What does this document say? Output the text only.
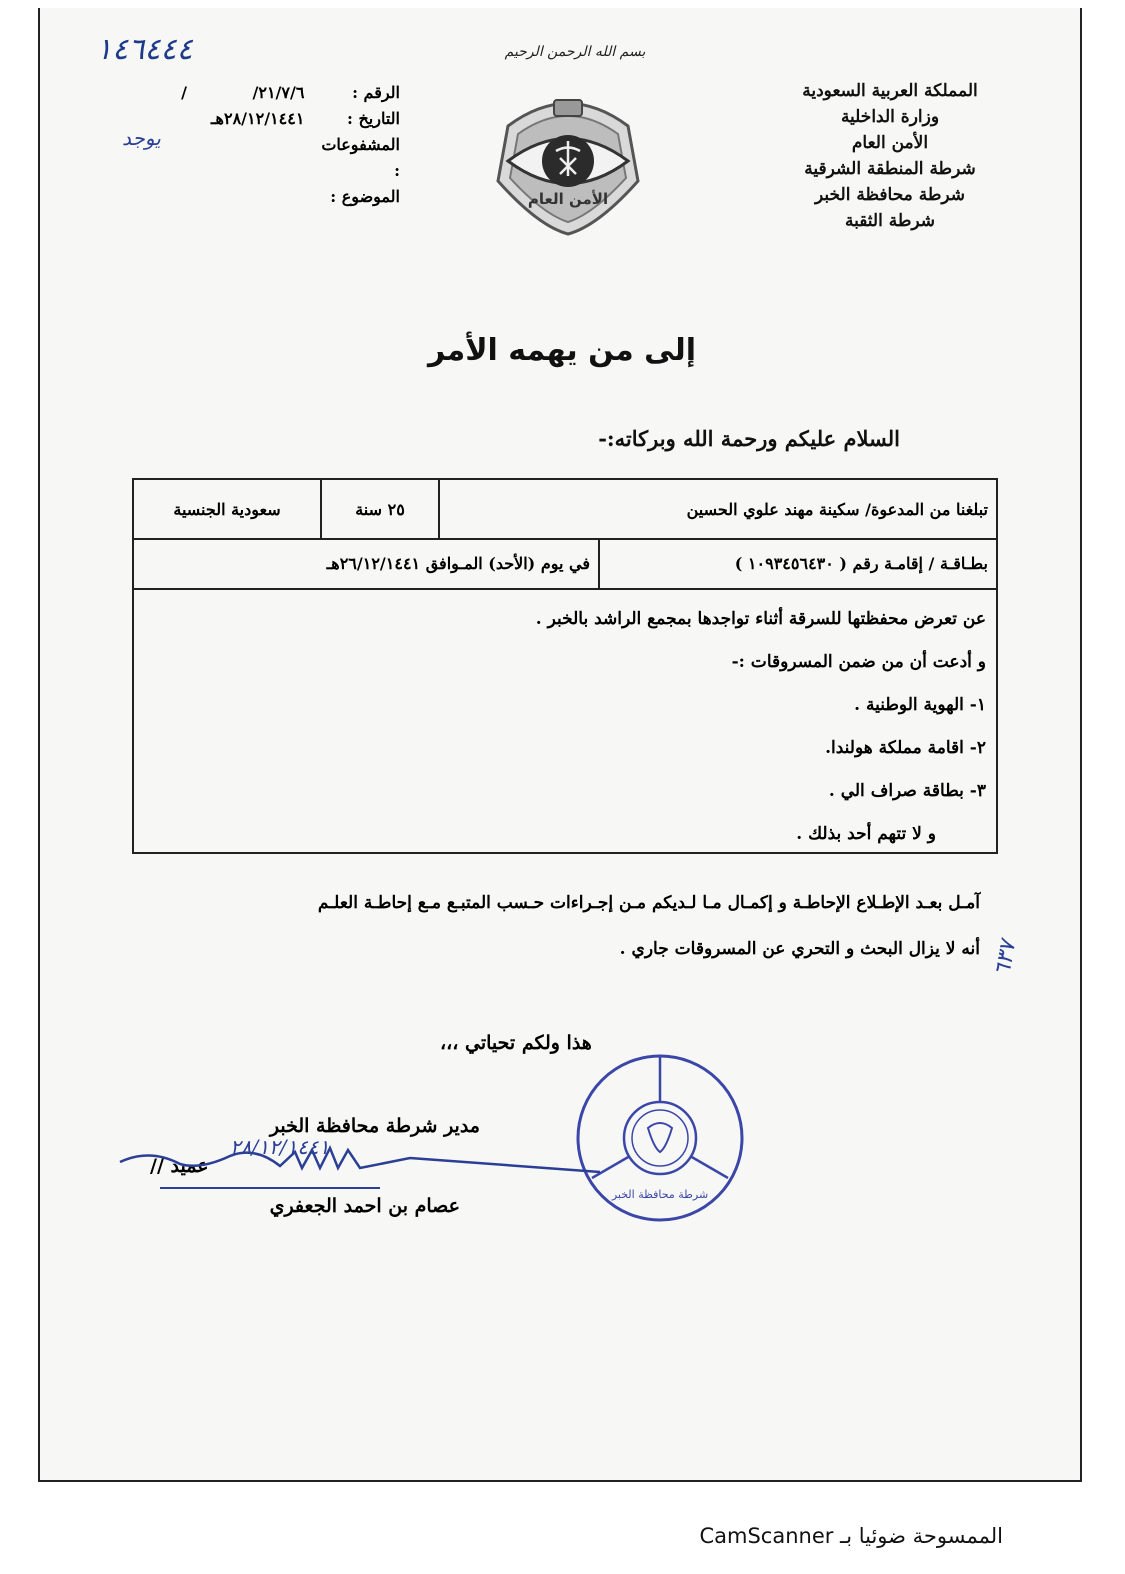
١٤٦٤٤٤
الرقم : ٢١/٧/٦/ /
التاريخ : ٢٨/١٢/١٤٤١هـ
المشفوعات :
الموضوع :
يوجد
بسم الله الرحمن الرحيم
الأمن العام
المملكة العربية السعودية
وزارة الداخلية
الأمن العام
شرطة المنطقة الشرقية
شرطة محافظة الخبر
شرطة الثقبة
إلى من يهمه الأمر
السلام عليكم ورحمة الله وبركاته:-
تبلغنا من المدعوة/ سكينة مهند علوي الحسين
٢٥ سنة
سعودية الجنسية
بطـاقـة / إقامـة رقم ( ١٠٩٣٤٥٦٤٣٠ )
في يوم (الأحد) المـوافق ٢٦/١٢/١٤٤١هـ
عن تعرض محفظتها للسرقة أثناء تواجدها بمجمع الراشد بالخبر .
و أدعت أن من ضمن المسروقات :-
١- الهوية الوطنية .
٢- اقامة مملكة هولندا.
٣- بطاقة صراف الي .
و لا تتهم أحد بذلك .
آمـل بعـد الإطـلاع الإحاطـة و إكمـال مـا لـديكم مـن إجـراءات حـسب المتبـع مـع إحاطـة العلـم
أنه لا يزال البحث و التحري عن المسروقات جاري . ٦٣٧
هذا ولكم تحياتي ،،،
شرطة محافظة الخبر
مدير شرطة محافظة الخبر
عميد //
عصام بن احمد الجعفري
٢٨/١٢/١٤٤١
الممسوحة ضوئيا بـ CamScanner
